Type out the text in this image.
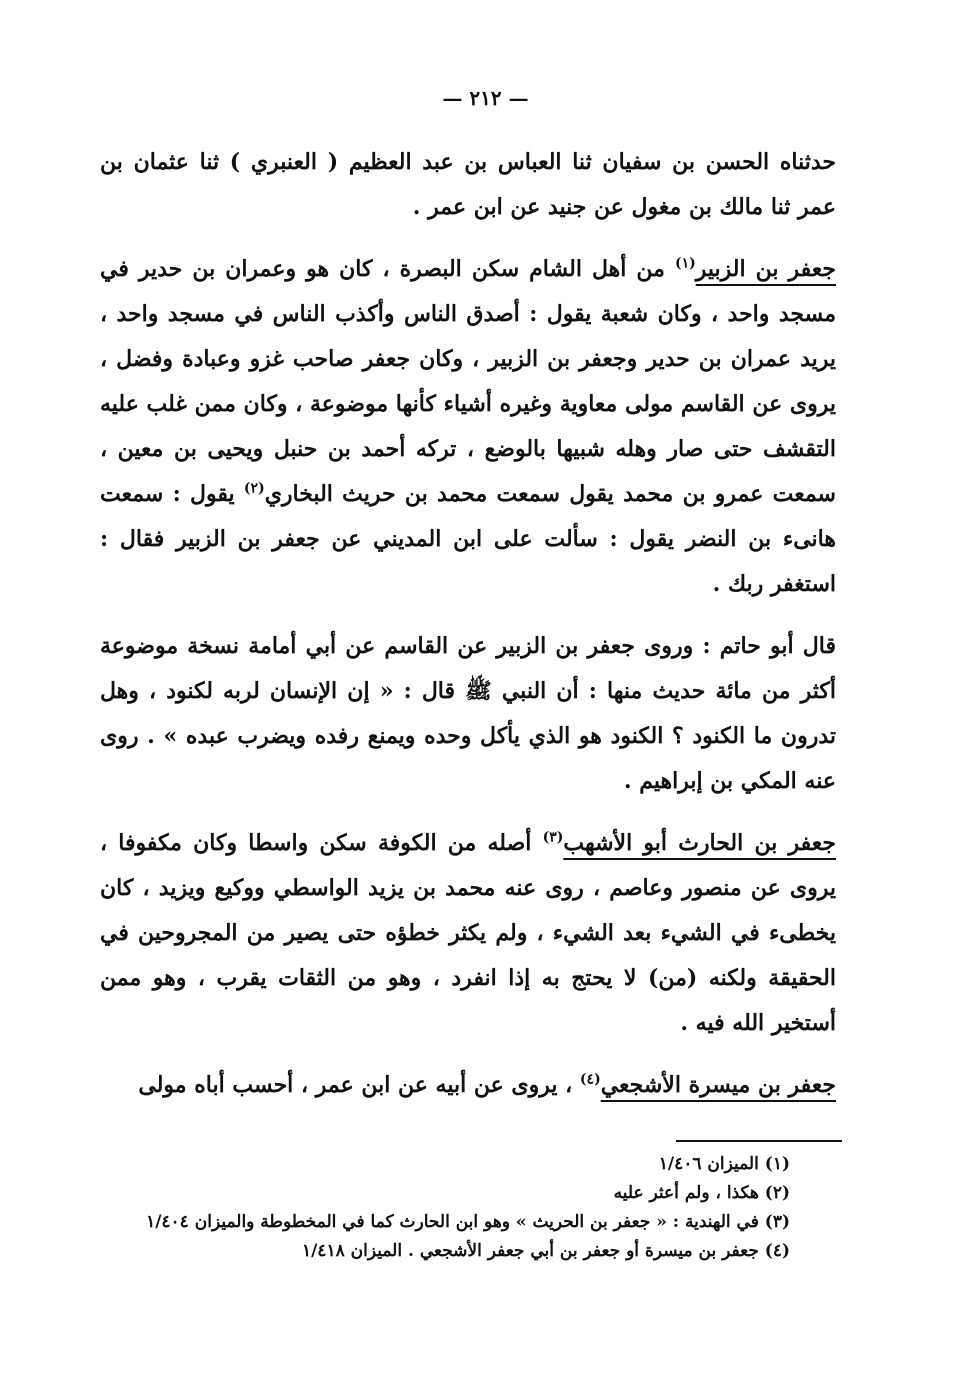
— ٢١٢ —

حدثناه الحسن بن سفيان ثنا العباس بن عبد العظيم ( العنبري ) ثنا عثمان بن عمر ثنا مالك بن مغول عن جنيد عن ابن عمر .

جعفر بن الزبير$^{(١)}$ من أهل الشام سكن البصرة ، كان هو وعمران بن حدير في مسجد واحد ، وكان شعبة يقول : أصدق الناس وأكذب الناس في مسجد واحد ، يريد عمران بن حدير وجعفر بن الزبير ، وكان جعفر صاحب غزو وعبادة وفضل ، يروى عن القاسم مولى معاوية وغيره أشياء كأنها موضوعة ، وكان ممن غلب عليه التقشف حتى صار وهله شبيها بالوضع ، تركه أحمد بن حنبل ويحيى بن معين ، سمعت عمرو بن محمد يقول سمعت محمد بن حريث البخاري$^{(٢)}$ يقول : سمعت هانىء بن النضر يقول : سألت على ابن المديني عن جعفر بن الزبير فقال : استغفر ربك .

قال أبو حاتم : وروى جعفر بن الزبير عن القاسم عن أبي أمامة نسخة موضوعة أكثر من مائة حديث منها : أن النبي ﷺ قال : « إن الإنسان لربه لكنود ، وهل تدرون ما الكنود ؟ الكنود هو الذي يأكل وحده ويمنع رفده ويضرب عبده » . روى عنه المكي بن إبراهيم .

جعفر بن الحارث أبو الأشهب$^{(٣)}$ أصله من الكوفة سكن واسطا وكان مكفوفا ، يروى عن منصور وعاصم ، روى عنه محمد بن يزيد الواسطي ووكيع ويزيد ، كان يخطىء في الشيء بعد الشيء ، ولم يكثر خطؤه حتى يصير من المجروحين في الحقيقة ولكنه (من) لا يحتج به إذا انفرد ، وهو من الثقات يقرب ، وهو ممن أستخير الله فيه .

جعفر بن ميسرة الأشجعي$^{(٤)}$ ، يروى عن أبيه عن ابن عمر ، أحسب أباه مولى

(١) الميزان ١/٤٠٦

(٢) هكذا ، ولم أعثر عليه

(٣) في الهندية : « جعفر بن الحريث » وهو ابن الحارث كما في المخطوطة والميزان ١/٤٠٤

(٤) جعفر بن ميسرة أو جعفر بن أبي جعفر الأشجعي . الميزان ١/٤١٨
